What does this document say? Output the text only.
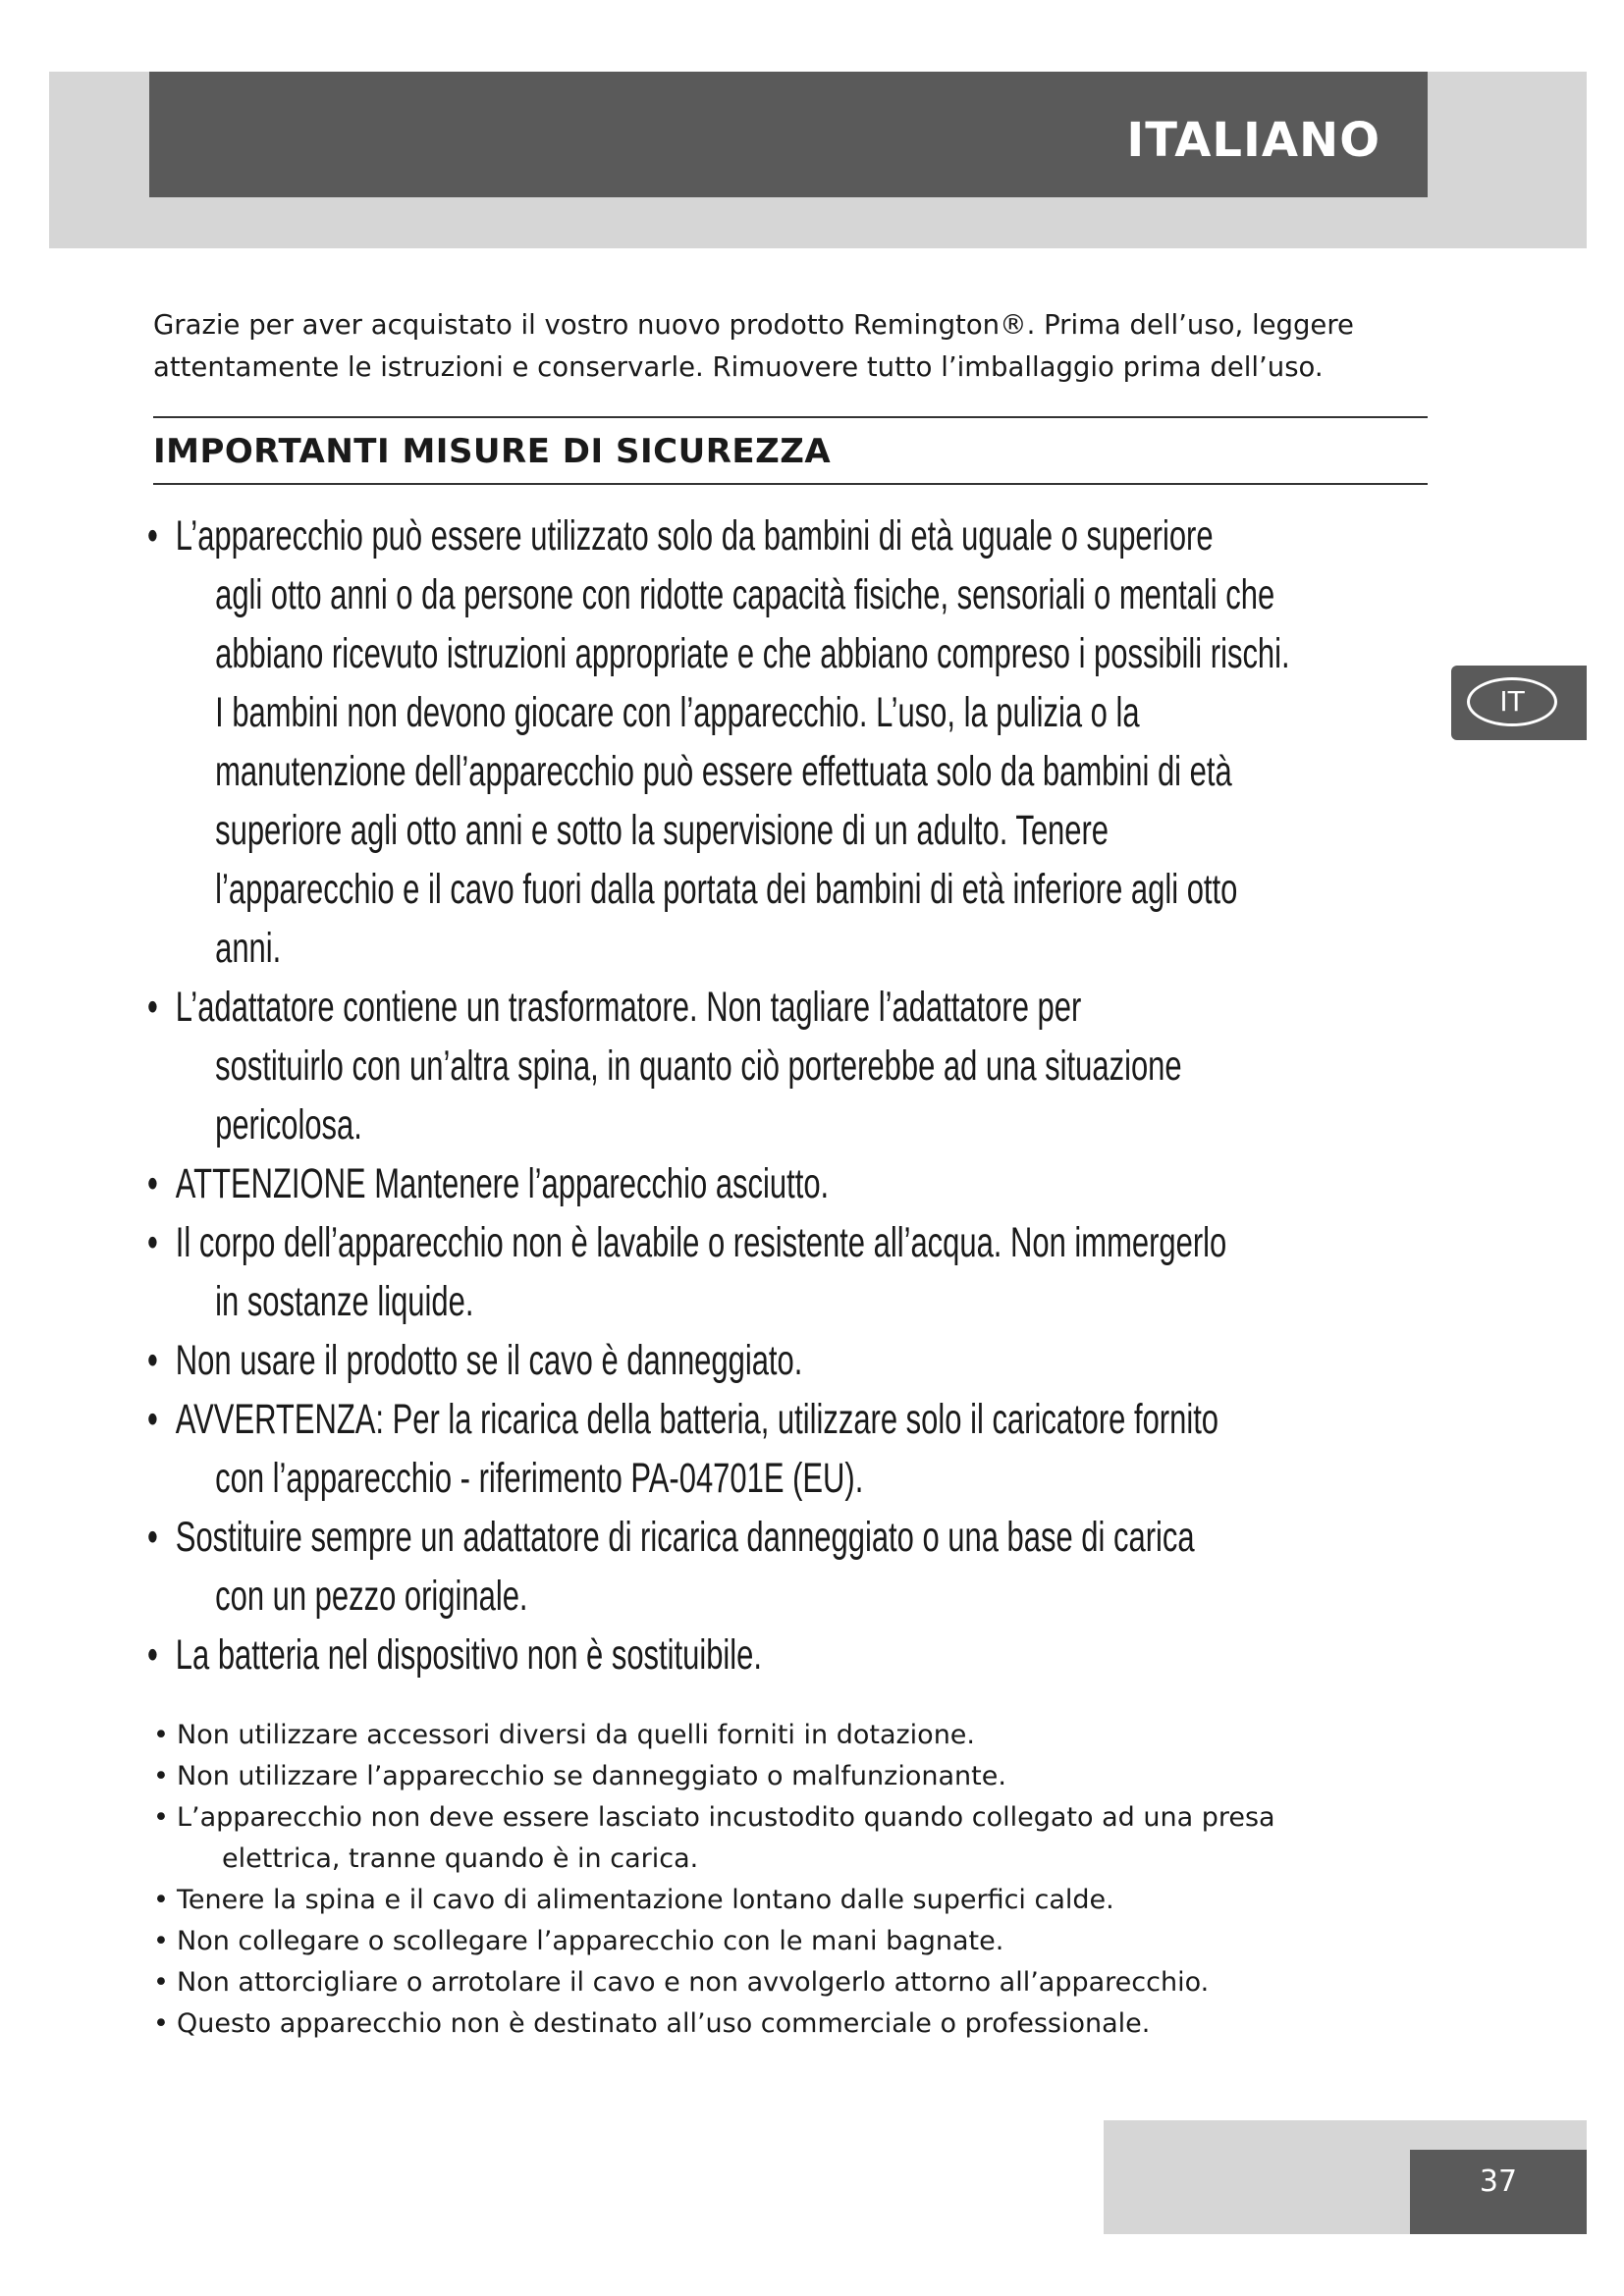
ITALIANO
IT

Grazie per aver acquistato il vostro nuovo prodotto Remington®. Prima dell’uso, leggere attentamente le istruzioni e conservarle. Rimuovere tutto l’imballaggio prima dell’uso.

IMPORTANTI MISURE DI SICUREZZA
• L’apparecchio può essere utilizzato solo da bambini di età uguale o superiore
agli otto anni o da persone con ridotte capacità fisiche, sensoriali o mentali che
abbiano ricevuto istruzioni appropriate e che abbiano compreso i possibili rischi.
I bambini non devono giocare con l’apparecchio. L’uso, la pulizia o la
manutenzione dell’apparecchio può essere effettuata solo da bambini di età
superiore agli otto anni e sotto la supervisione di un adulto. Tenere
l’apparecchio e il cavo fuori dalla portata dei bambini di età inferiore agli otto
anni.
• L’adattatore contiene un trasformatore. Non tagliare l’adattatore per
sostituirlo con un’altra spina, in quanto ciò porterebbe ad una situazione
pericolosa.
• ATTENZIONE Mantenere l’apparecchio asciutto.
• Il corpo dell’apparecchio non è lavabile o resistente all’acqua. Non immergerlo
in sostanze liquide.
• Non usare il prodotto se il cavo è danneggiato.
• AVVERTENZA: Per la ricarica della batteria, utilizzare solo il caricatore fornito
con l’apparecchio - riferimento PA-04701E (EU).
• Sostituire sempre un adattatore di ricarica danneggiato o una base di carica
con un pezzo originale.
• La batteria nel dispositivo non è sostituibile.
• Non utilizzare accessori diversi da quelli forniti in dotazione.
• Non utilizzare l’apparecchio se danneggiato o malfunzionante.
• L’apparecchio non deve essere lasciato incustodito quando collegato ad una presa
elettrica, tranne quando è in carica.
• Tenere la spina e il cavo di alimentazione lontano dalle superfici calde.
• Non collegare o scollegare l’apparecchio con le mani bagnate.
• Non attorcigliare o arrotolare il cavo e non avvolgerlo attorno all’apparecchio.
• Questo apparecchio non è destinato all’uso commerciale o professionale.
37
